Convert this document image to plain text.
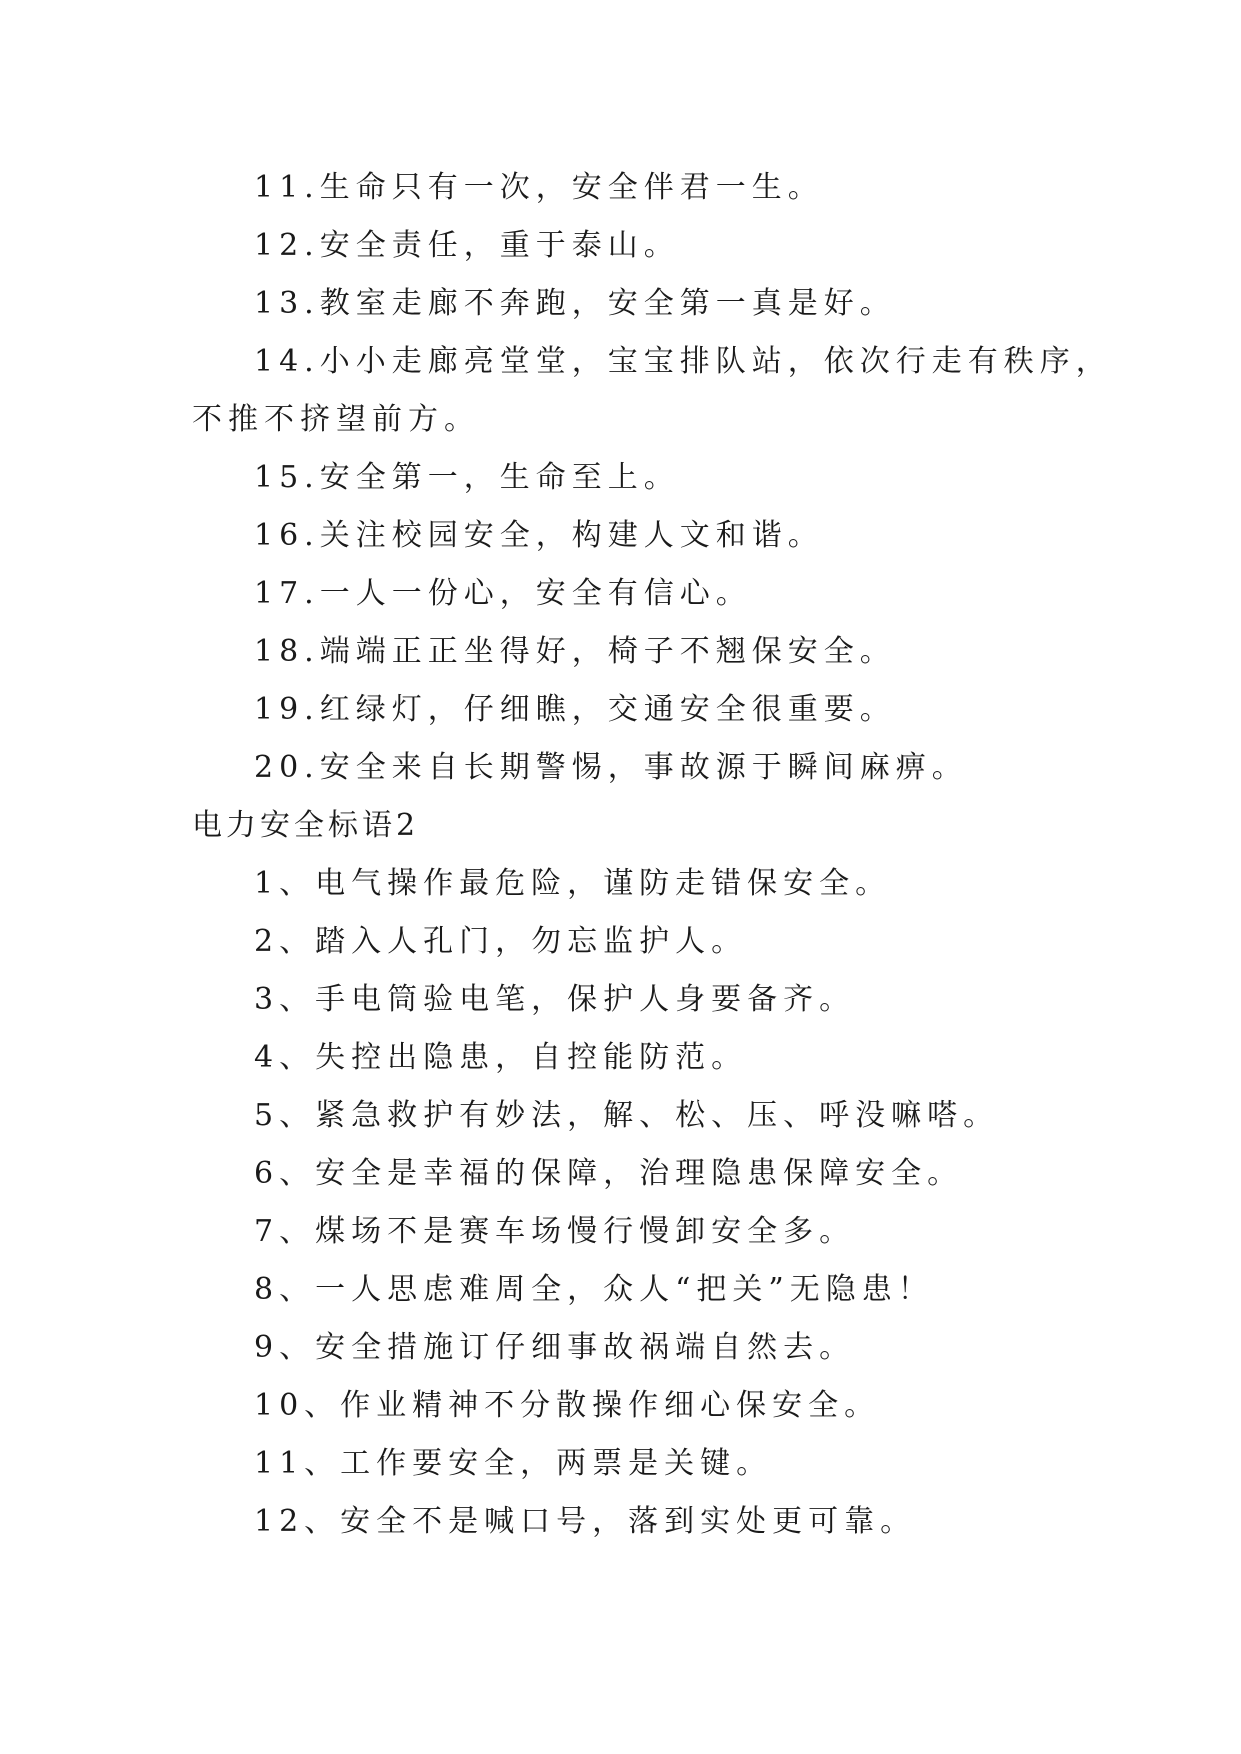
11.生命只有一次，安全伴君一生。
12.安全责任，重于泰山。
13.教室走廊不奔跑，安全第一真是好。
14.小小走廊亮堂堂，宝宝排队站，依次行走有秩序，
不推不挤望前方。
15.安全第一，生命至上。
16.关注校园安全，构建人文和谐。
17.一人一份心，安全有信心。
18.端端正正坐得好，椅子不翘保安全。
19.红绿灯，仔细瞧，交通安全很重要。
20.安全来自长期警惕，事故源于瞬间麻痹。
电力安全标语2
1、电气操作最危险，谨防走错保安全。
2、踏入人孔门，勿忘监护人。
3、手电筒验电笔，保护人身要备齐。
4、失控出隐患，自控能防范。
5、紧急救护有妙法，解、松、压、呼没嘛嗒。
6、安全是幸福的保障，治理隐患保障安全。
7、煤场不是赛车场慢行慢卸安全多。
8、一人思虑难周全，众人“把关”无隐患！
9、安全措施订仔细事故祸端自然去。
10、作业精神不分散操作细心保安全。
11、工作要安全，两票是关键。
12、安全不是喊口号，落到实处更可靠。
